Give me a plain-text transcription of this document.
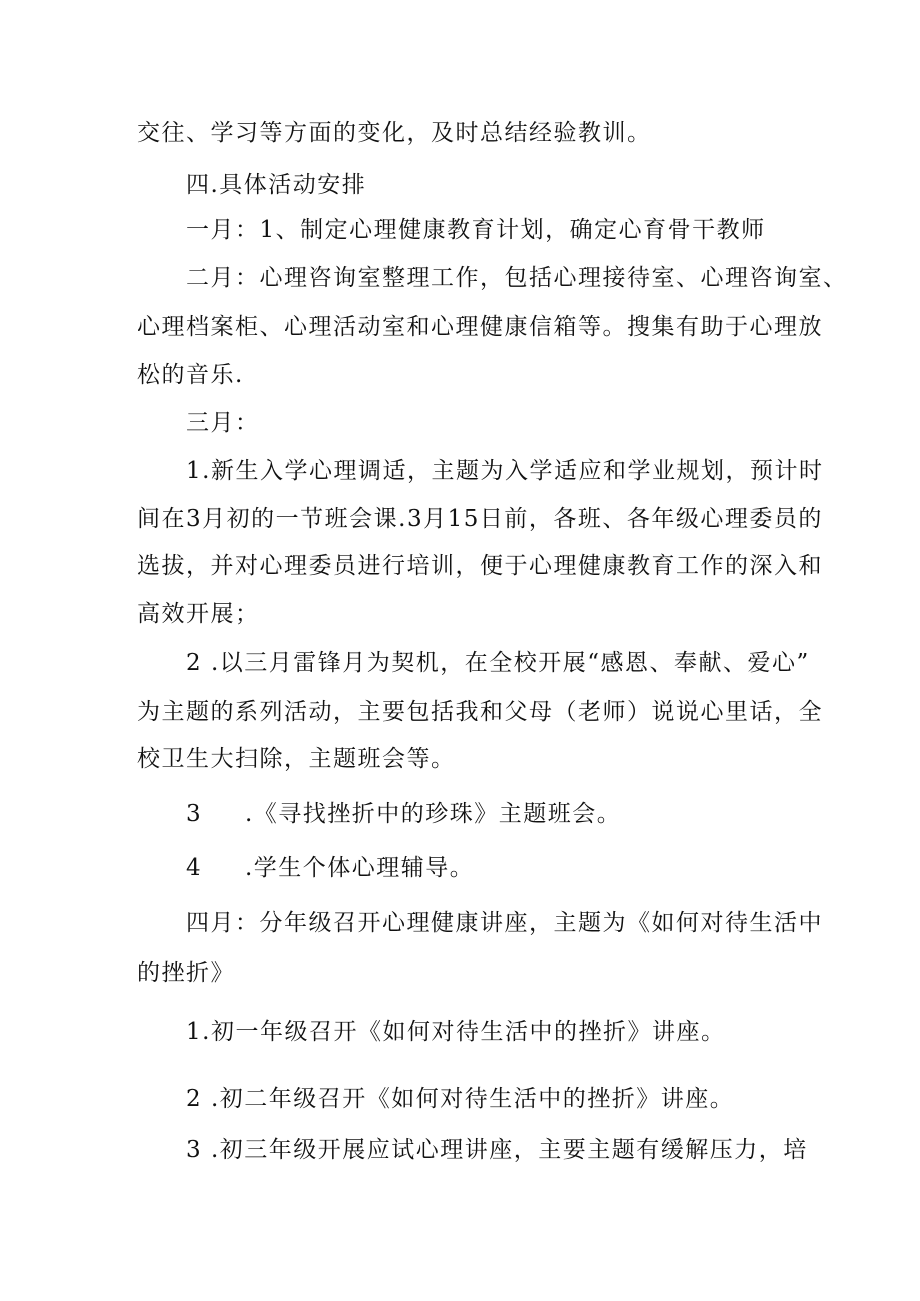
交往、学习等方面的变化，及时总结经验教训。
四.具体活动安排
一月：1、制定心理健康教育计划，确定心育骨干教师
二月：心理咨询室整理工作，包括心理接待室、心理咨询室、
心理档案柜、心理活动室和心理健康信箱等。搜集有助于心理放
松的音乐.
三月：
1.新生入学心理调适，主题为入学适应和学业规划，预计时
间在3月初的一节班会课.3月15日前，各班、各年级心理委员的
选拔，并对心理委员进行培训，便于心理健康教育工作的深入和
高效开展；
2 .以三月雷锋月为契机，在全校开展“感恩、奉献、爱心”
为主题的系列活动，主要包括我和父母（老师）说说心里话，全
校卫生大扫除，主题班会等。
3 .《寻找挫折中的珍珠》主题班会。
4 .学生个体心理辅导。
四月：分年级召开心理健康讲座，主题为《如何对待生活中
的挫折》
1.初一年级召开《如何对待生活中的挫折》讲座。
2 .初二年级召开《如何对待生活中的挫折》讲座。
3 .初三年级开展应试心理讲座，主要主题有缓解压力，培
